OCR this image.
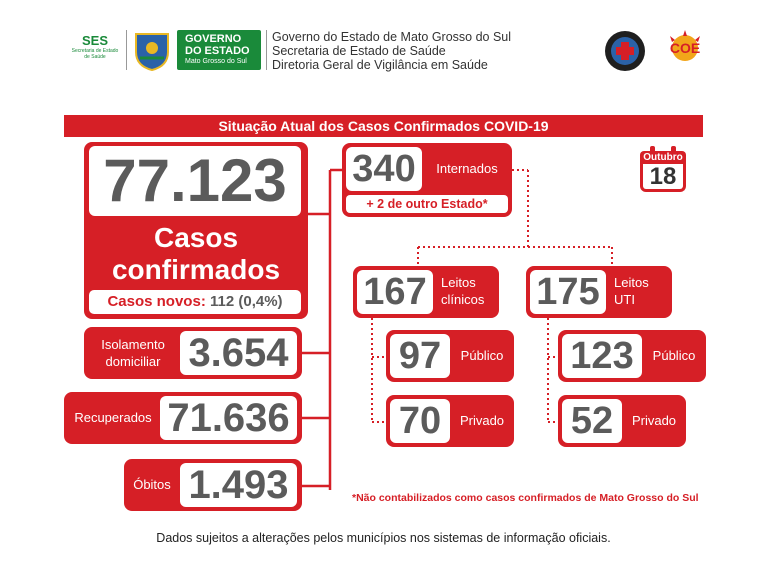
SES
Secretaria de Estado de Saúde
GOVERNO
DO ESTADO
Mato Grosso do Sul
Governo do Estado de Mato Grosso do Sul
Secretaria de Estado de Saúde
Diretoria Geral de Vigilância em Saúde
COE
Situação Atual dos Casos Confirmados COVID-19
Outubro
18
77.123
Casos
confirmados
Casos novos: 112 (0,4%)
Isolamento
domiciliar 3.654
Recuperados 71.636
Óbitos 1.493
340	Internados
+ 2 de outro Estado*
167	Leitos
clínicos 175	Leitos
UTI
97	Público
70	Privado
123	Público
52	Privado
*Não contabilizados como casos confirmados de Mato Grosso do Sul
Dados sujeitos a alterações pelos municípios nos sistemas de informação oficiais.
